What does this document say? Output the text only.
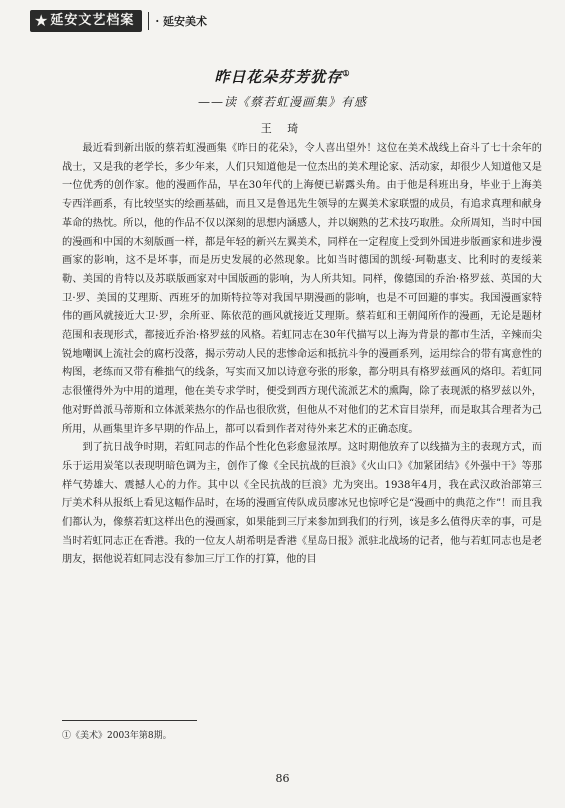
★ 延安文艺档案 · 延安美术
昨日花朵芬芳犹存①
——读《蔡若虹漫画集》有感
王 琦

最近看到新出版的蔡若虹漫画集《昨日的花朵》，令人喜出望外！这位在美术战线上奋斗了七十余年的战士，又是我的老学长，多少年来，人们只知道他是一位杰出的美术理论家、活动家，却很少人知道他又是一位优秀的创作家。他的漫画作品，早在30年代的上海便已崭露头角。由于他是科班出身，毕业于上海美专西洋画系，有比较坚实的绘画基础，而且又是鲁迅先生领导的左翼美术家联盟的成员，有追求真理和献身革命的热忱。所以，他的作品不仅以深刻的思想内涵感人，并以娴熟的艺术技巧取胜。众所周知，当时中国的漫画和中国的木刻版画一样，都是年轻的新兴左翼美术，同样在一定程度上受到外国进步版画家和进步漫画家的影响，这不是坏事，而是历史发展的必然现象。比如当时德国的凯绥·珂勒惠支、比利时的麦绥莱勒、美国的肯特以及苏联版画家对中国版画的影响，为人所共知。同样，像德国的乔治·格罗兹、英国的大卫·罗、美国的艾理斯、西班牙的加斯特拉等对我国早期漫画的影响，也是不可回避的事实。我国漫画家特伟的画风就接近大卫·罗，余所亚、陈依范的画风就接近艾理斯。蔡若虹和王朝闻所作的漫画，无论是题材范围和表现形式，都接近乔治·格罗兹的风格。若虹同志在30年代描写以上海为背景的都市生活，辛辣而尖锐地嘲讽上流社会的腐朽没落，揭示劳动人民的悲惨命运和抵抗斗争的漫画系列，运用综合的带有寓意性的构图，老练而又带有稚拙气的线条，写实而又加以诗意夸张的形象，都分明具有格罗兹画风的烙印。若虹同志很懂得外为中用的道理，他在美专求学时，便受到西方现代流派艺术的熏陶，除了表现派的格罗兹以外，他对野兽派马蒂斯和立体派莱热尔的作品也很欣赏，但他从不对他们的艺术盲目崇拜，而是取其合理者为己所用，从画集里许多早期的作品上，都可以看到作者对待外来艺术的正确态度。

到了抗日战争时期，若虹同志的作品个性化色彩愈显浓厚。这时期他放弃了以线描为主的表现方式，而乐于运用炭笔以表现明暗色调为主，创作了像《全民抗战的巨浪》《火山口》《加紧团结》《外强中干》等那样气势雄大、震撼人心的力作。其中以《全民抗战的巨浪》尤为突出。1938年4月，我在武汉政治部第三厅美术科从报纸上看见这幅作品时，在场的漫画宣传队成员廖冰兄也惊呼它是“漫画中的典范之作”！而且我们都认为，像蔡若虹这样出色的漫画家，如果能到三厅来参加到我们的行列，该是多么值得庆幸的事，可是当时若虹同志正在香港。我的一位友人胡希明是香港《星岛日报》派驻北战场的记者，他与若虹同志也是老朋友，据他说若虹同志没有参加三厅工作的打算，他的目

①《美术》2003年第8期。
86
